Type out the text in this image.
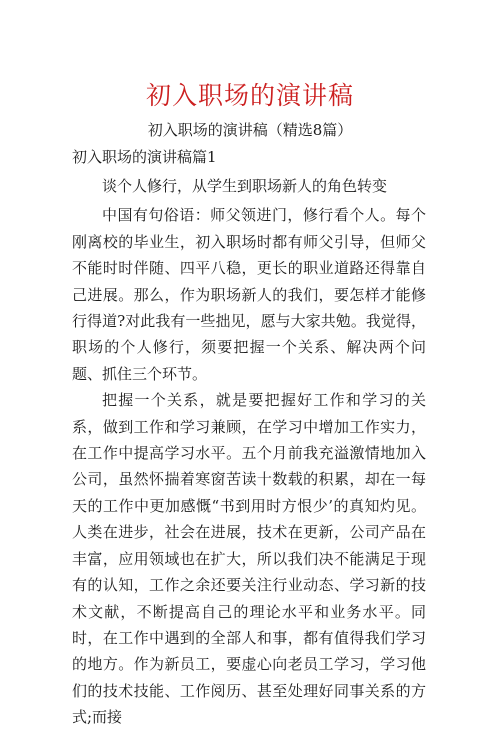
初入职场的演讲稿
初入职场的演讲稿（精选8篇）
初入职场的演讲稿篇1

谈个人修行，从学生到职场新人的角色转变

中国有句俗语：师父领进门，修行看个人。每个刚离校的毕业生，初入职场时都有师父引导，但师父不能时时伴随、四平八稳，更长的职业道路还得靠自己进展。那么，作为职场新人的我们，要怎样才能修行得道?对此我有一些拙见，愿与大家共勉。我觉得，职场的个人修行，须要把握一个关系、解决两个问题、抓住三个环节。

把握一个关系，就是要把握好工作和学习的关系，做到工作和学习兼顾，在学习中增加工作实力，在工作中提高学习水平。五个月前我充溢激情地加入公司，虽然怀揣着寒窗苦读十数载的积累，却在一每天的工作中更加感慨“书到用时方恨少’的真知灼见。人类在进步，社会在进展，技术在更新，公司产品在丰富，应用领域也在扩大，所以我们决不能满足于现有的认知，工作之余还要关注行业动态、学习新的技术文献，不断提高自己的理论水平和业务水平。同时，在工作中遇到的全部人和事，都有值得我们学习的地方。作为新员工，要虚心向老员工学习，学习他们的技术技能、工作阅历、甚至处理好同事关系的方式;而接
